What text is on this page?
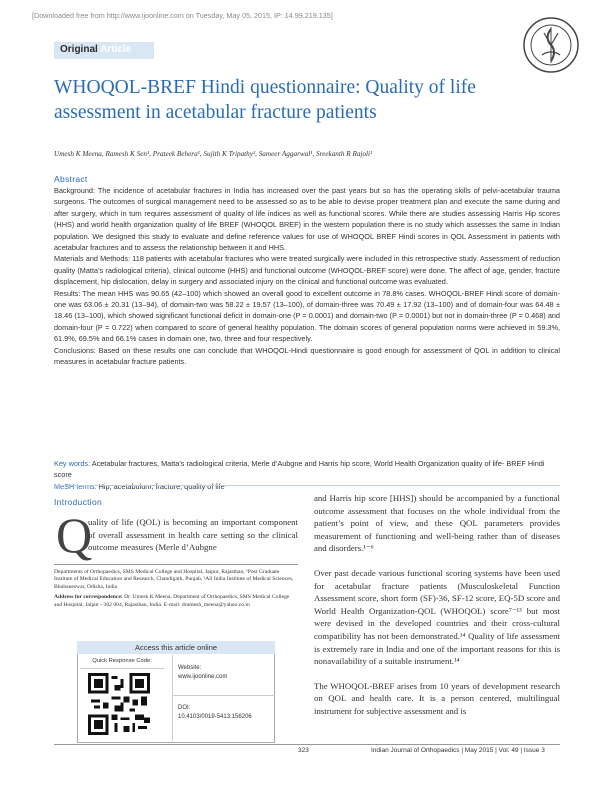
[Downloaded free from http://www.ijoonline.com on Tuesday, May 05, 2015, IP: 14.99.219.135]
Original Article
WHOQOL-BREF Hindi questionnaire: Quality of life assessment in acetabular fracture patients
Umesh K Meena, Ramesh K Sen¹, Prateek Behera¹, Sujith K Tripathy², Sameer Aggarwal¹, Sreekanth R Rajoli¹
Abstract

Background: The incidence of acetabular fractures in India has increased over the past years but so has the operating skills of pelvi-acetabular trauma surgeons. The outcomes of surgical management need to be assessed so as to be able to devise proper treatment plan and execute the same during and after surgery, which in turn requires assessment of quality of life indices as well as functional scores. While there are studies assessing Harris Hip scores (HHS) and world health organization quality of life BREF (WHOQOL BREF) in the western population there is no study which assesses the same in Indian population. We designed this study to evaluate and define reference values for use of WHOQOL BREF Hindi scores in QOL Assessment in patients with acetabular fractures and to assess the relationship between it and HHS.

Materials and Methods: 118 patients with acetabular fractures who were treated surgically were included in this retrospective study. Assessment of reduction quality (Matta’s radiological criteria), clinical outcome (HHS) and functional outcome (WHOQOL-BREF score) were done. The affect of age, gender, fracture displacement, hip dislocation, delay in surgery and associated injury on the clinical and functional outcome was evaluated.

Results: The mean HHS was 90.65 (42–100) which showed an overall good to excellent outcome in 78.8% cases. WHOQOL-BREF Hindi score of domain-one was 63.06 ± 20.31 (13–94), of domain-two was 58.22 ± 19.57 (13–100), of domain-three was 70.49 ± 17.92 (13–100) and of domain-four was 64.48 ± 18.46 (13–100), which showed significant functional deficit in domain-one (P = 0.0001) and domain-two (P = 0.0001) but not in domain-three (P = 0.468) and domain-four (P = 0.722) when compared to score of general healthy population. The domain scores of general population norms were achieved in 59.3%, 61.9%, 69.5% and 66.1% cases in domain one, two, three and four respectively.

Conclusions: Based on these results one can conclude that WHOQOL-Hindi questionnaire is good enough for assessment of QOL in addition to clinical measures in acetabular fracture patients.

Key words: Acetabular fractures, Matta’s radiological criteria, Merle d’Aubgne and Harris hip score, World Health Organization quality of life- BREF Hindi score
MeSH terms: Hip, acetabulum, fracture, quality of life
Introduction
Q
uality of life (QOL) is becoming an important component of overall assessment in health care setting so the clinical outcome measures (Merle d’Aubgne
Departments of Orthopaedics, SMS Medical College and Hospital, Jaipur, Rajasthan, ¹Post Graduate Institute of Medical Education and Research, Chandigarh, Punjab, ²All India Institute of Medical Sciences, Bhubaneswar, Odisha, India
Address for correspondence: Dr. Umesh K Meena, Department of Orthopaedics, SMS Medical College and Hospital, Jaipur - 302 004, Rajasthan, India. E-mail: drumesh_meena@yahoo.co.in
Access this article online
Quick Response Code:
Website:
www.ijoonline.com
DOI:
10.4103/0019-5413.156206

and Harris hip score [HHS]) should be accompanied by a functional outcome assessment that focuses on the whole individual from the patient’s point of view, and these QOL parameters provides measurement of functioning and well-being rather than of diseases and disorders.¹⁻⁶

Over past decade various functional scoring systems have been used for acetabular fracture patients (Musculoskeletal Function Assessment score, short form (SF)-36, SF-12 score, EQ-5D score and World Health Organization-QOL (WHOQOL) score⁷⁻¹³ but most were devised in the developed countries and their cross-cultural compatibility has not been demonstrated.¹⁴ Quality of life assessment is extremely rare in India and one of the important reasons for this is nonavailability of a suitable instrument.¹⁴

The WHOQOL-BREF arises from 10 years of development research on QOL and health care. It is a person centered, multilingual instrument for subjective assessment and is

323	Indian Journal of Orthopaedics | May 2015 | Vol. 49 | Issue 3
